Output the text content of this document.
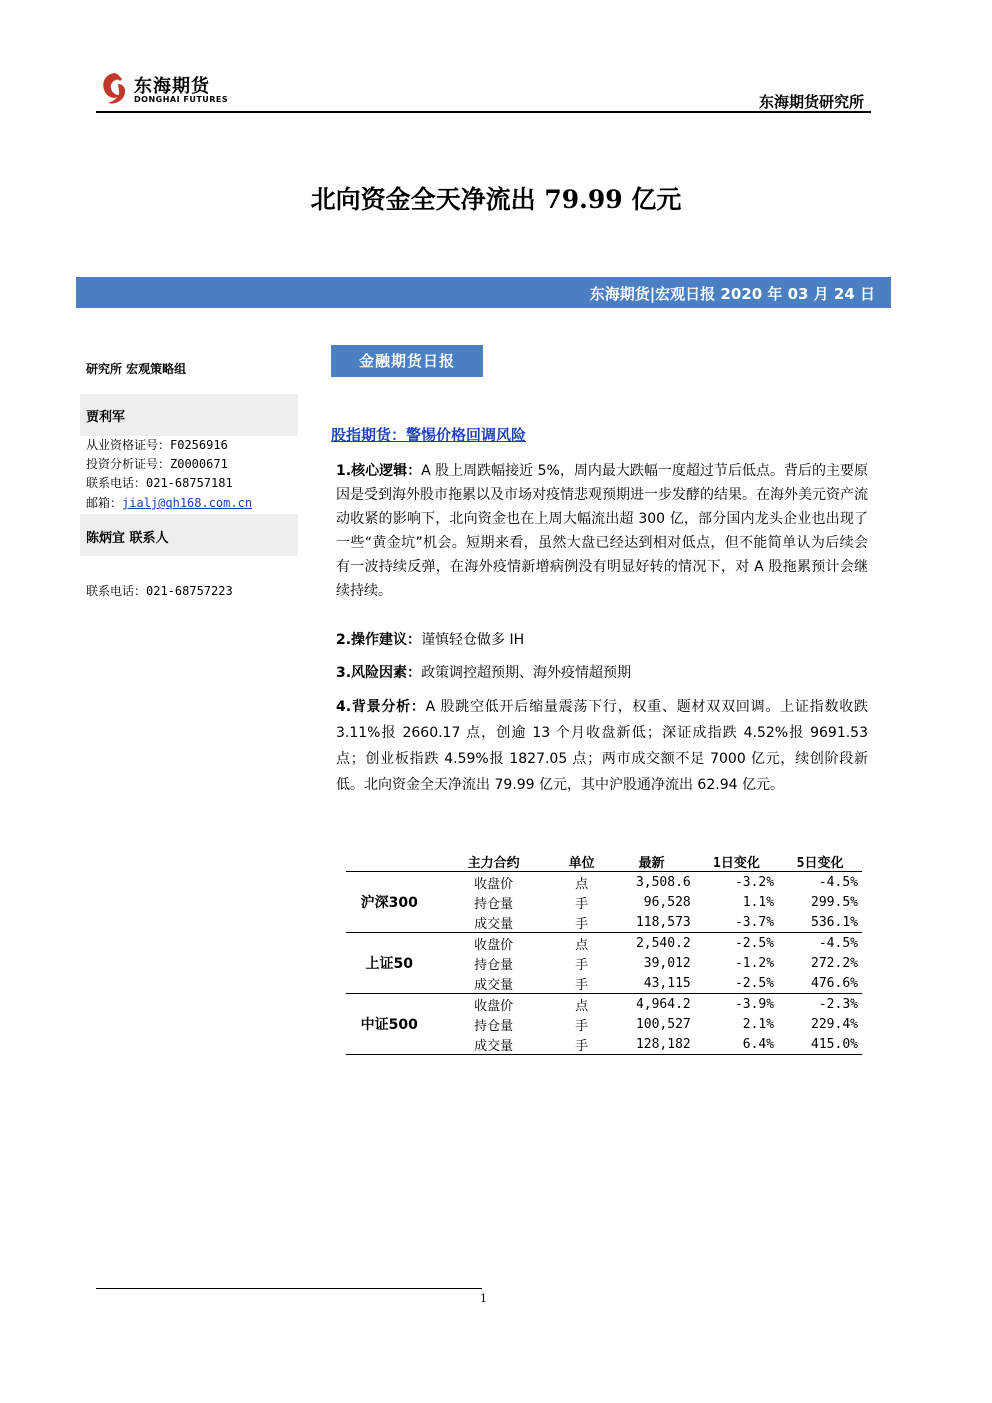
东海期货
DONGHAI FUTURES	东海期货研究所
北向资金全天净流出 79.99 亿元
东海期货|宏观日报 2020 年 03 月 24 日
研究所 宏观策略组
贾利军
从业资格证号：F0256916
投资分析证号：Z0000671
联系电话：021-68757181
邮箱：jialj@qh168.com.cn
陈炳宜 联系人
联系电话：021-68757223
金融期货日报
股指期货：警惕价格回调风险
1.核心逻辑：A 股上周跌幅接近 5%，周内最大跌幅一度超过节后低点。背后的主要原因是受到海外股市拖累以及市场对疫情悲观预期进一步发酵的结果。在海外美元资产流动收紧的影响下，北向资金也在上周大幅流出超 300 亿，部分国内龙头企业也出现了一些“黄金坑”机会。短期来看，虽然大盘已经达到相对低点，但不能简单认为后续会有一波持续反弹，在海外疫情新增病例没有明显好转的情况下，对 A 股拖累预计会继续持续。
2.操作建议：谨慎轻仓做多 IH
3.风险因素：政策调控超预期、海外疫情超预期
4.背景分析：A 股跳空低开后缩量震荡下行，权重、题材双双回调。上证指数收跌 3.11%报 2660.17 点，创逾 13 个月收盘新低；深证成指跌 4.52%报 9691.53 点；创业板指跌 4.59%报 1827.05 点；两市成交额不足 7000 亿元，续创阶段新低。北向资金全天净流出 79.99 亿元，其中沪股通净流出 62.94 亿元。
	主力合约	单位	最新	1日变化	5日变化
沪深300	收盘价	点	3,508.6	-3.2%	-4.5%
	持仓量	手	96,528	1.1%	299.5%
	成交量	手	118,573	-3.7%	536.1%
上证50	收盘价	点	2,540.2	-2.5%	-4.5%
	持仓量	手	39,012	-1.2%	272.2%
	成交量	手	43,115	-2.5%	476.6%
中证500	收盘价	点	4,964.2	-3.9%	-2.3%
	持仓量	手	100,527	2.1%	229.4%
	成交量	手	128,182	6.4%	415.0%
1
